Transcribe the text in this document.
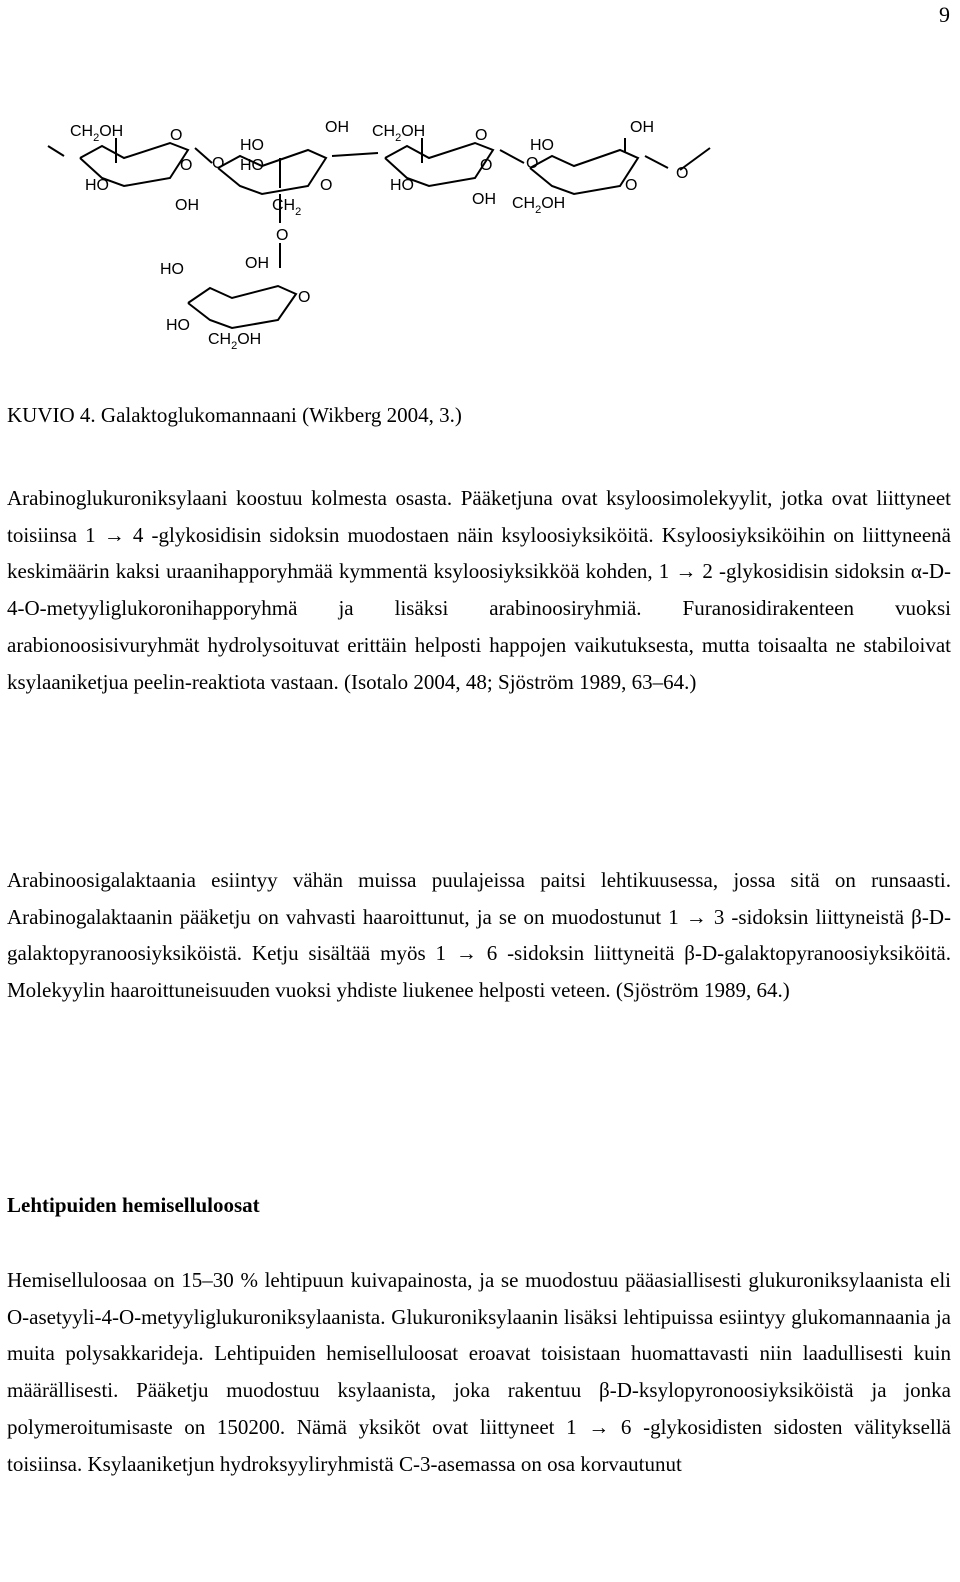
9
$CH_2OH$	O
HO
O
OH
O
HO
HO
OH
O
$CH_2$
O
$CH_2OH$	O
HO
O
OH
O
HO
OH
O
O
$CH_2OH$
HO	OH
O
HO
$CH_2OH$
KUVIO 4. Galaktoglukomannaani (Wikberg 2004, 3.)

Arabinoglukuroniksylaani koostuu kolmesta osasta. Pääketjuna ovat ksyloosimolekyylit, jotka ovat liittyneet toisiinsa 1 → 4 -glykosidisin sidoksin muodostaen näin ksyloosiyksiköitä. Ksyloosiyksiköihin on liittyneenä keskimäärin kaksi uraanihapporyhmää kymmentä ksyloosiyksikköä kohden, 1 → 2 -glykosidisin sidoksin α-D-4-O-metyyliglukoronihapporyhmä ja lisäksi arabinoosiryhmiä. Furanosidirakenteen vuoksi arabionoosisivuryhmät hydrolysoituvat erittäin helposti happojen vaikutuksesta, mutta toisaalta ne stabiloivat ksylaaniketjua peelin-reaktiota vastaan. (Isotalo 2004, 48; Sjöström 1989, 63–64.)

Arabinoosigalaktaania esiintyy vähän muissa puulajeissa paitsi lehtikuusessa, jossa sitä on runsaasti. Arabinogalaktaanin pääketju on vahvasti haaroittunut, ja se on muodostunut 1 → 3 -sidoksin liittyneistä β-D-galaktopyranoosiyksiköistä. Ketju sisältää myös 1 → 6 -sidoksin liittyneitä β-D-galaktopyranoosiyksiköitä. Molekyylin haaroittuneisuuden vuoksi yhdiste liukenee helposti veteen. (Sjöström 1989, 64.)

Lehtipuiden hemiselluloosat

Hemiselluloosaa on 15–30 % lehtipuun kuivapainosta, ja se muodostuu pääasiallisesti glukuroniksylaanista eli O-asetyyli-4-O-metyyliglukuroniksylaanista. Glukuroniksylaanin lisäksi lehtipuissa esiintyy glukomannaania ja muita polysakkarideja. Lehtipuiden hemiselluloosat eroavat toisistaan huomattavasti niin laadullisesti kuin määrällisesti. Pääketju muodostuu ksylaanista, joka rakentuu β-D-ksylopyronoosiyksiköistä ja jonka polymeroitumisaste on 150200. Nämä yksiköt ovat liittyneet 1 → 6 -glykosidisten sidosten välityksellä toisiinsa. Ksylaaniketjun hydroksyyliryhmistä C-3-asemassa on osa korvautunut
